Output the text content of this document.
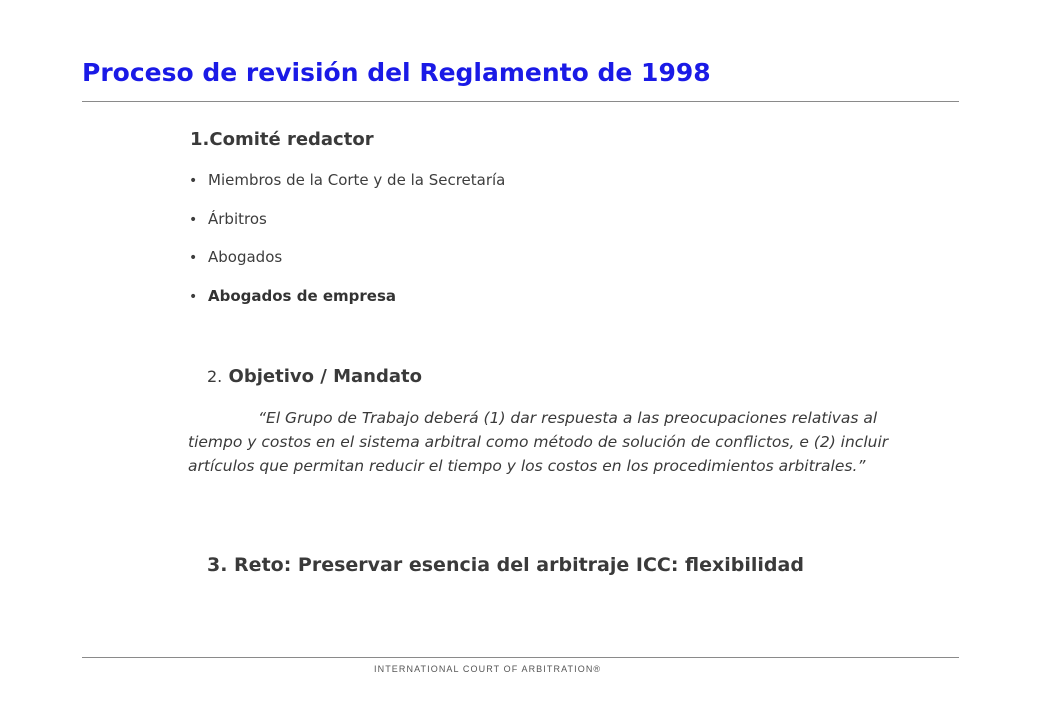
Proceso de revisión del Reglamento de 1998
1.Comité redactor
• Miembros de la Corte y de la Secretaría
• Árbitros
• Abogados
• Abogados de empresa
2. Objetivo / Mandato

“El Grupo de Trabajo deberá (1) dar respuesta a las preocupaciones relativas al tiempo y costos en el sistema arbitral como método de solución de conflictos, e (2) incluir artículos que permitan reducir el tiempo y los costos en los procedimientos arbitrales.”

3. Reto: Preservar esencia del arbitraje ICC: flexibilidad
INTERNATIONAL COURT OF ARBITRATION®
